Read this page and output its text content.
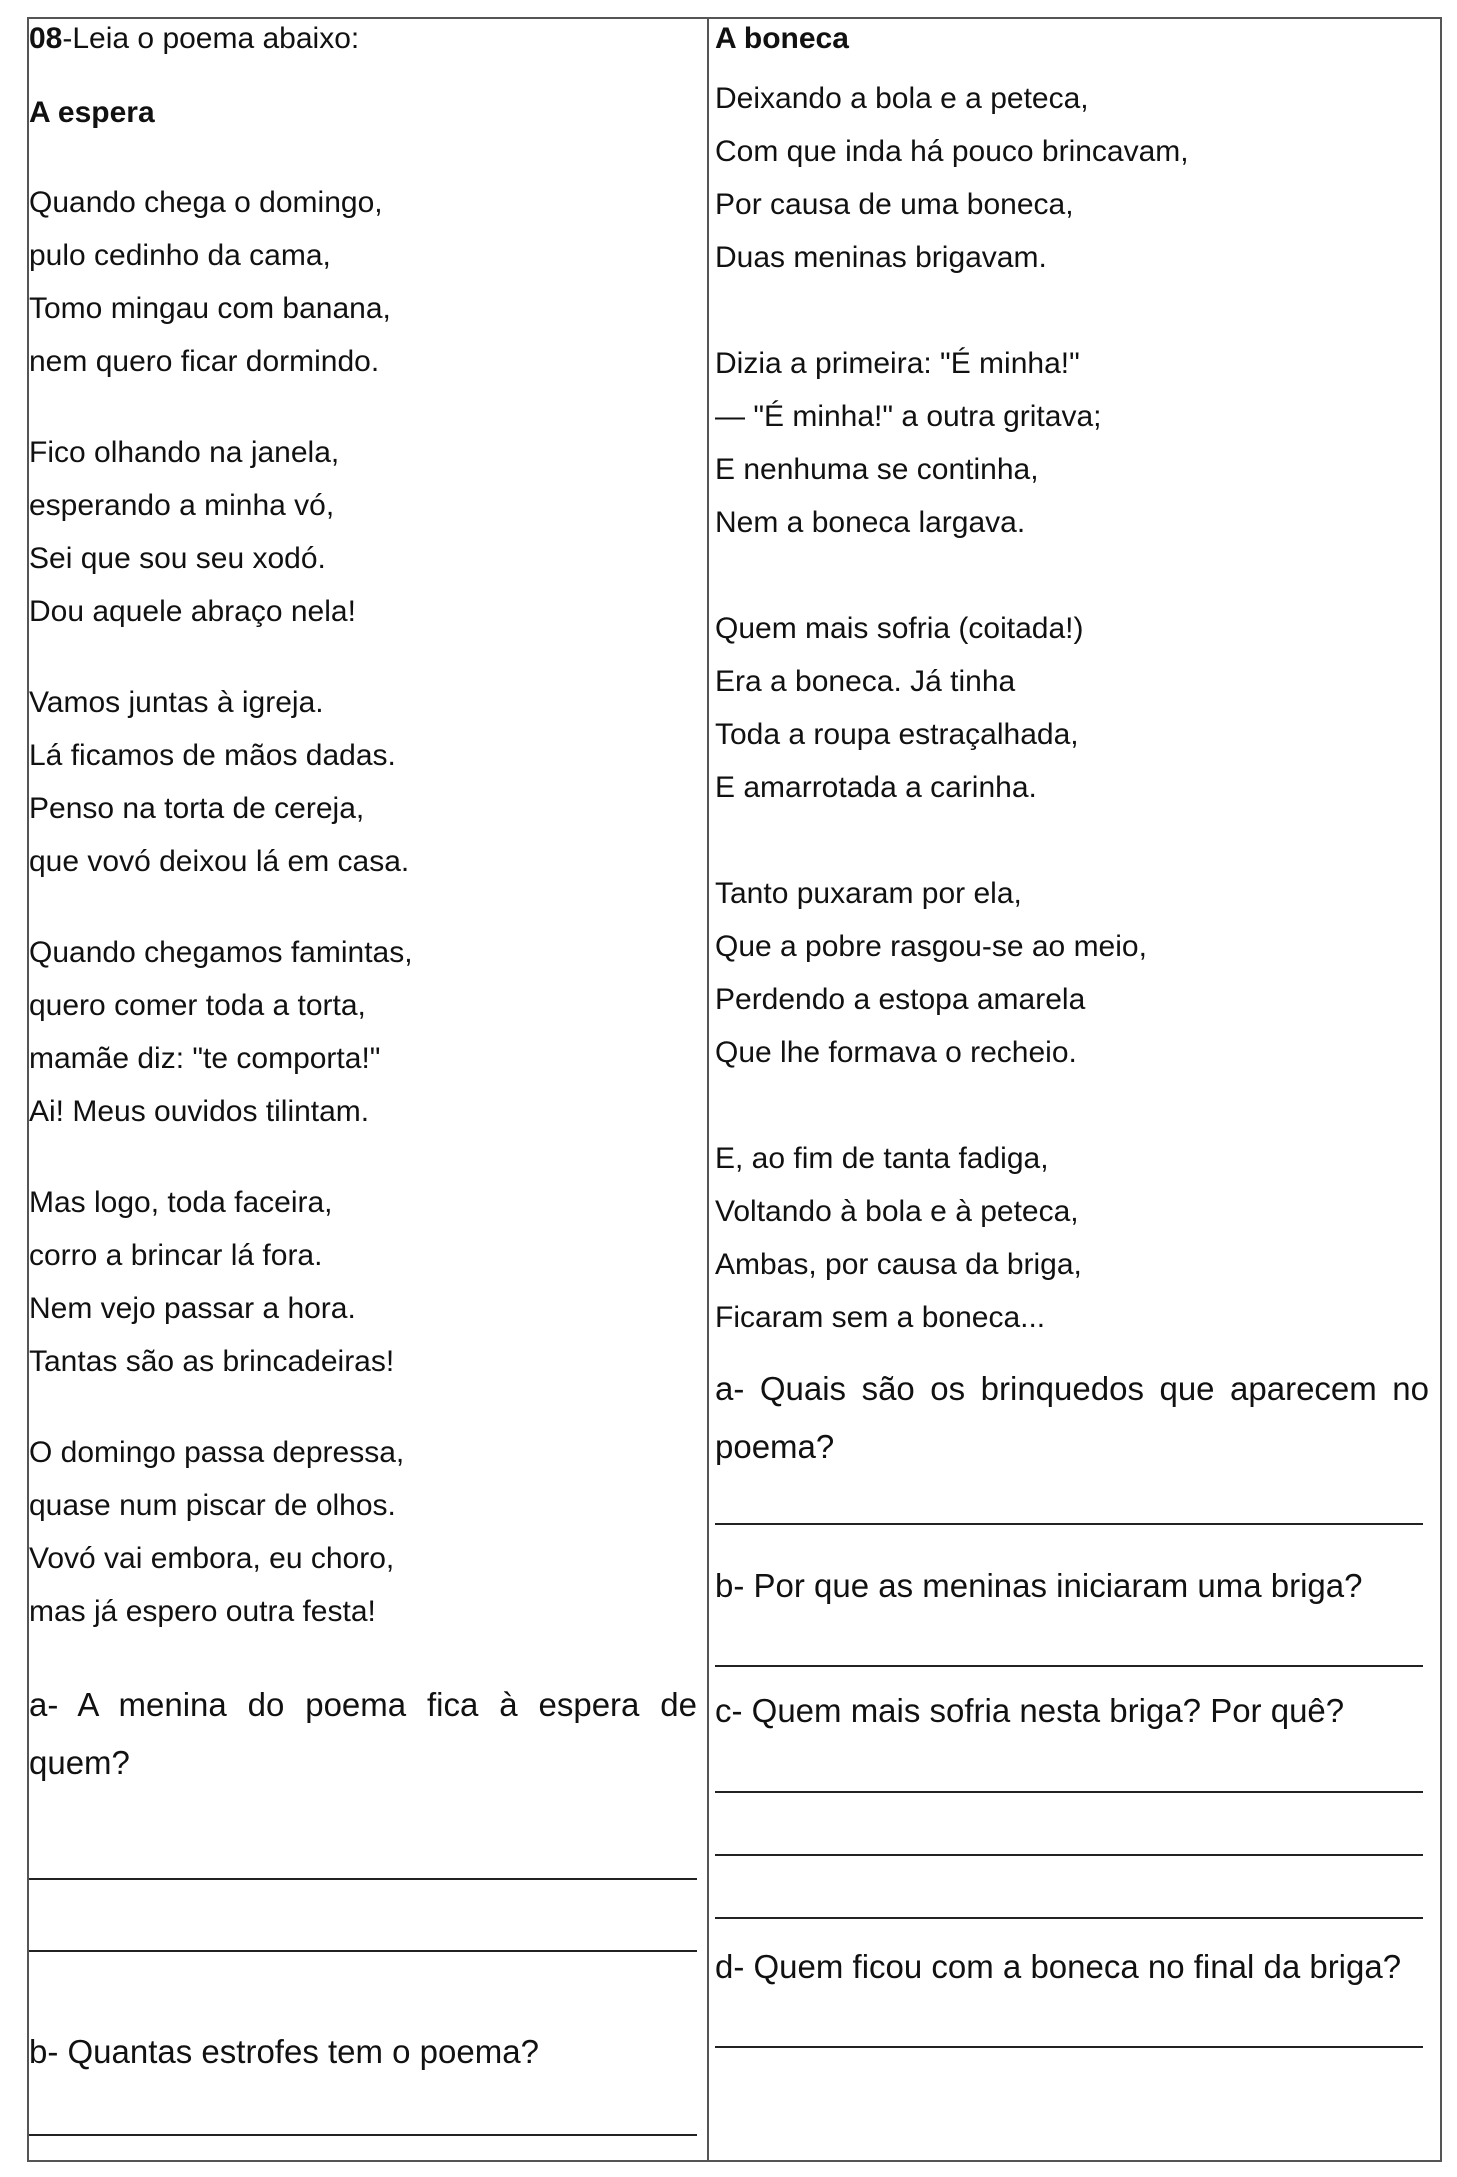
08-Leia o poema abaixo:
A espera
Quando chega o domingo,
pulo cedinho da cama,
Tomo mingau com banana,
nem quero ficar dormindo.
Fico olhando na janela,
esperando a minha vó,
Sei que sou seu xodó.
Dou aquele abraço nela!
Vamos juntas à igreja.
Lá ficamos de mãos dadas.
Penso na torta de cereja,
que vovó deixou lá em casa.
Quando chegamos famintas,
quero comer toda a torta,
mamãe diz: "te comporta!"
Ai! Meus ouvidos tilintam.
Mas logo, toda faceira,
corro a brincar lá fora.
Nem vejo passar a hora.
Tantas são as brincadeiras!
O domingo passa depressa,
quase num piscar de olhos.
Vovó vai embora, eu choro,
mas já espero outra festa!
a- A menina do poema fica à espera de
quem?
b- Quantas estrofes tem o poema?
A boneca
Deixando a bola e a peteca,
Com que inda há pouco brincavam,
Por causa de uma boneca,
Duas meninas brigavam.
Dizia a primeira: "É minha!"
— "É minha!" a outra gritava;
E nenhuma se continha,
Nem a boneca largava.
Quem mais sofria (coitada!)
Era a boneca. Já tinha
Toda a roupa estraçalhada,
E amarrotada a carinha.
Tanto puxaram por ela,
Que a pobre rasgou-se ao meio,
Perdendo a estopa amarela
Que lhe formava o recheio.
E, ao fim de tanta fadiga,
Voltando à bola e à peteca,
Ambas, por causa da briga,
Ficaram sem a boneca...
a- Quais são os brinquedos que aparecem no
poema?
b- Por que as meninas iniciaram uma briga?
c- Quem mais sofria nesta briga? Por quê?
d- Quem ficou com a boneca no final da briga?
